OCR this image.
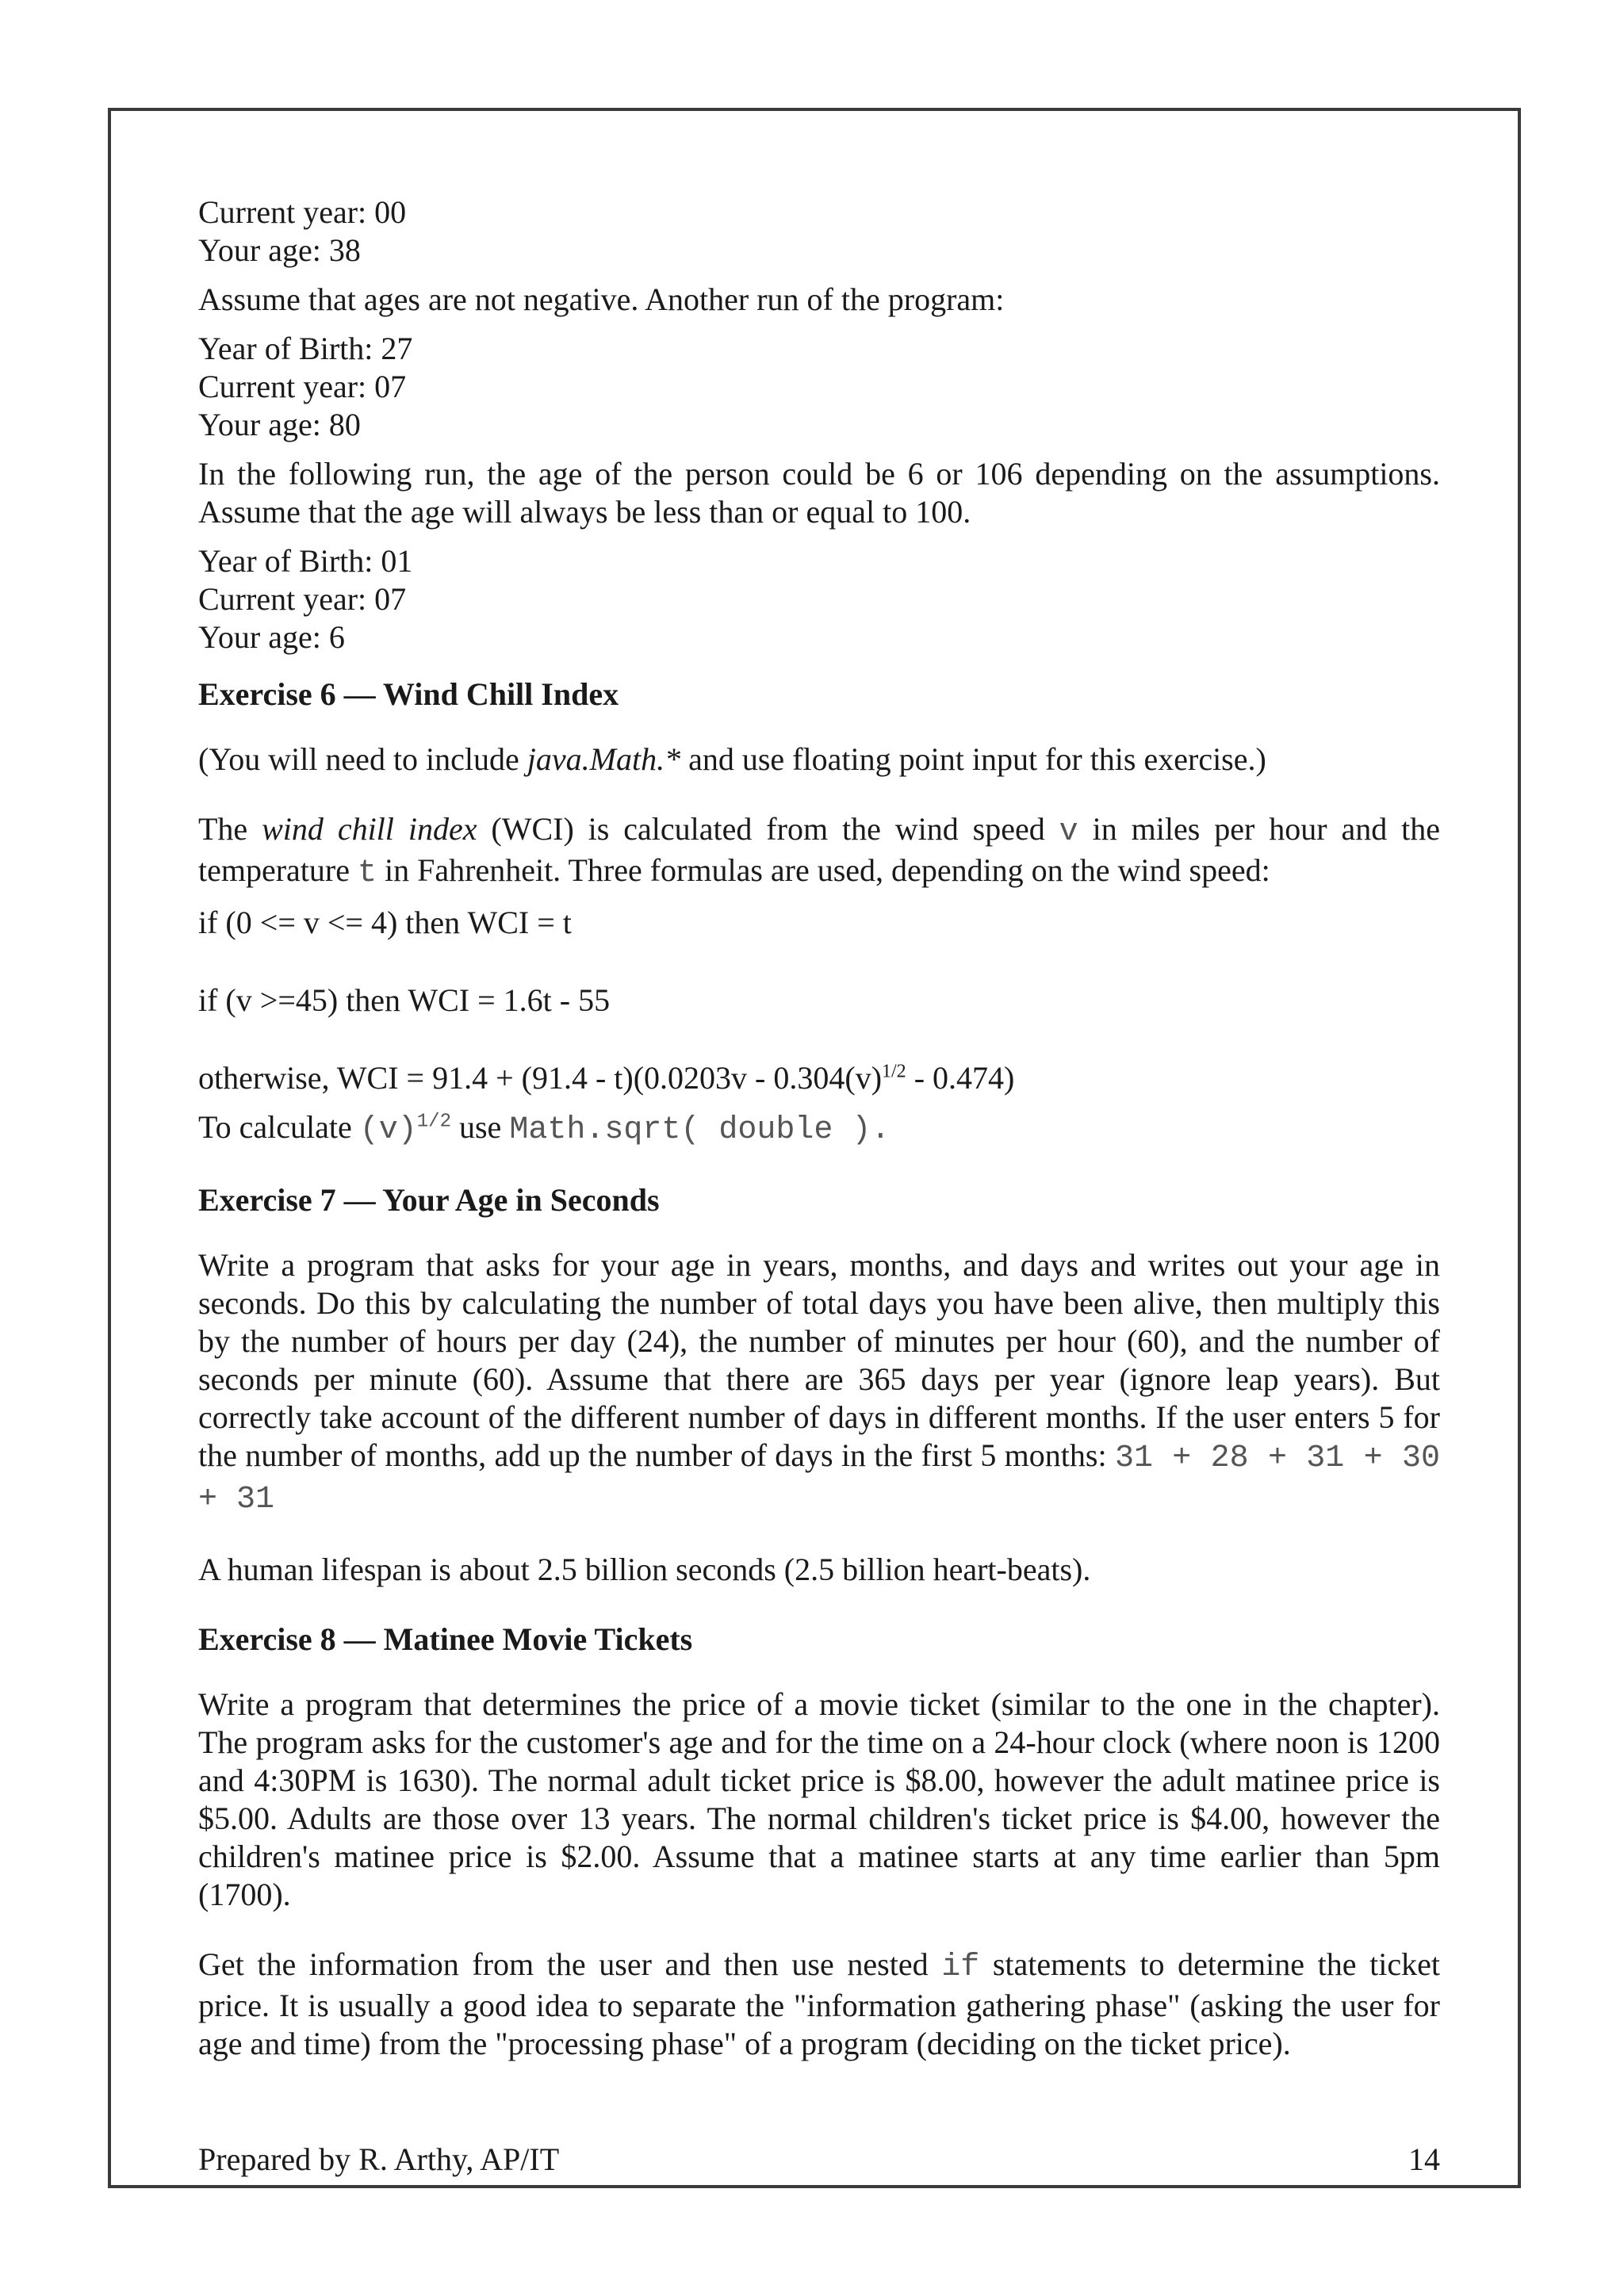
Current year: 00
Your age: 38

Assume that ages are not negative. Another run of the program:

Year of Birth: 27
Current year: 07
Your age: 80

In the following run, the age of the person could be 6 or 106 depending on the assumptions. Assume that the age will always be less than or equal to 100.

Year of Birth: 01
Current year: 07
Your age: 6

Exercise 6 — Wind Chill Index

(You will need to include java.Math.* and use floating point input for this exercise.)

The wind chill index (WCI) is calculated from the wind speed v in miles per hour and the temperature t in Fahrenheit. Three formulas are used, depending on the wind speed:

if (0 <= v <= 4) then WCI = t

if (v >=45) then WCI = 1.6t - 55

otherwise, WCI = $91.4 + (91.4 - t)(0.0203v - 0.304(v)^{1/2} - 0.474)$

To calculate $(v)^{1/2}$ use Math.sqrt( double ).

Exercise 7 — Your Age in Seconds

Write a program that asks for your age in years, months, and days and writes out your age in seconds. Do this by calculating the number of total days you have been alive, then multiply this by the number of hours per day (24), the number of minutes per hour (60), and the number of seconds per minute (60). Assume that there are 365 days per year (ignore leap years). But correctly take account of the different number of days in different months. If the user enters 5 for the number of months, add up the number of days in the first 5 months: 31 + 28 + 31 + 30 + 31

A human lifespan is about 2.5 billion seconds (2.5 billion heart-beats).

Exercise 8 — Matinee Movie Tickets

Write a program that determines the price of a movie ticket (similar to the one in the chapter). The program asks for the customer's age and for the time on a 24-hour clock (where noon is 1200 and 4:30PM is 1630). The normal adult ticket price is $8.00, however the adult matinee price is $5.00. Adults are those over 13 years. The normal children's ticket price is $4.00, however the children's matinee price is $2.00. Assume that a matinee starts at any time earlier than 5pm (1700).

Get the information from the user and then use nested if statements to determine the ticket price. It is usually a good idea to separate the "information gathering phase" (asking the user for age and time) from the "processing phase" of a program (deciding on the ticket price).

Prepared by R. Arthy, AP/IT	14
